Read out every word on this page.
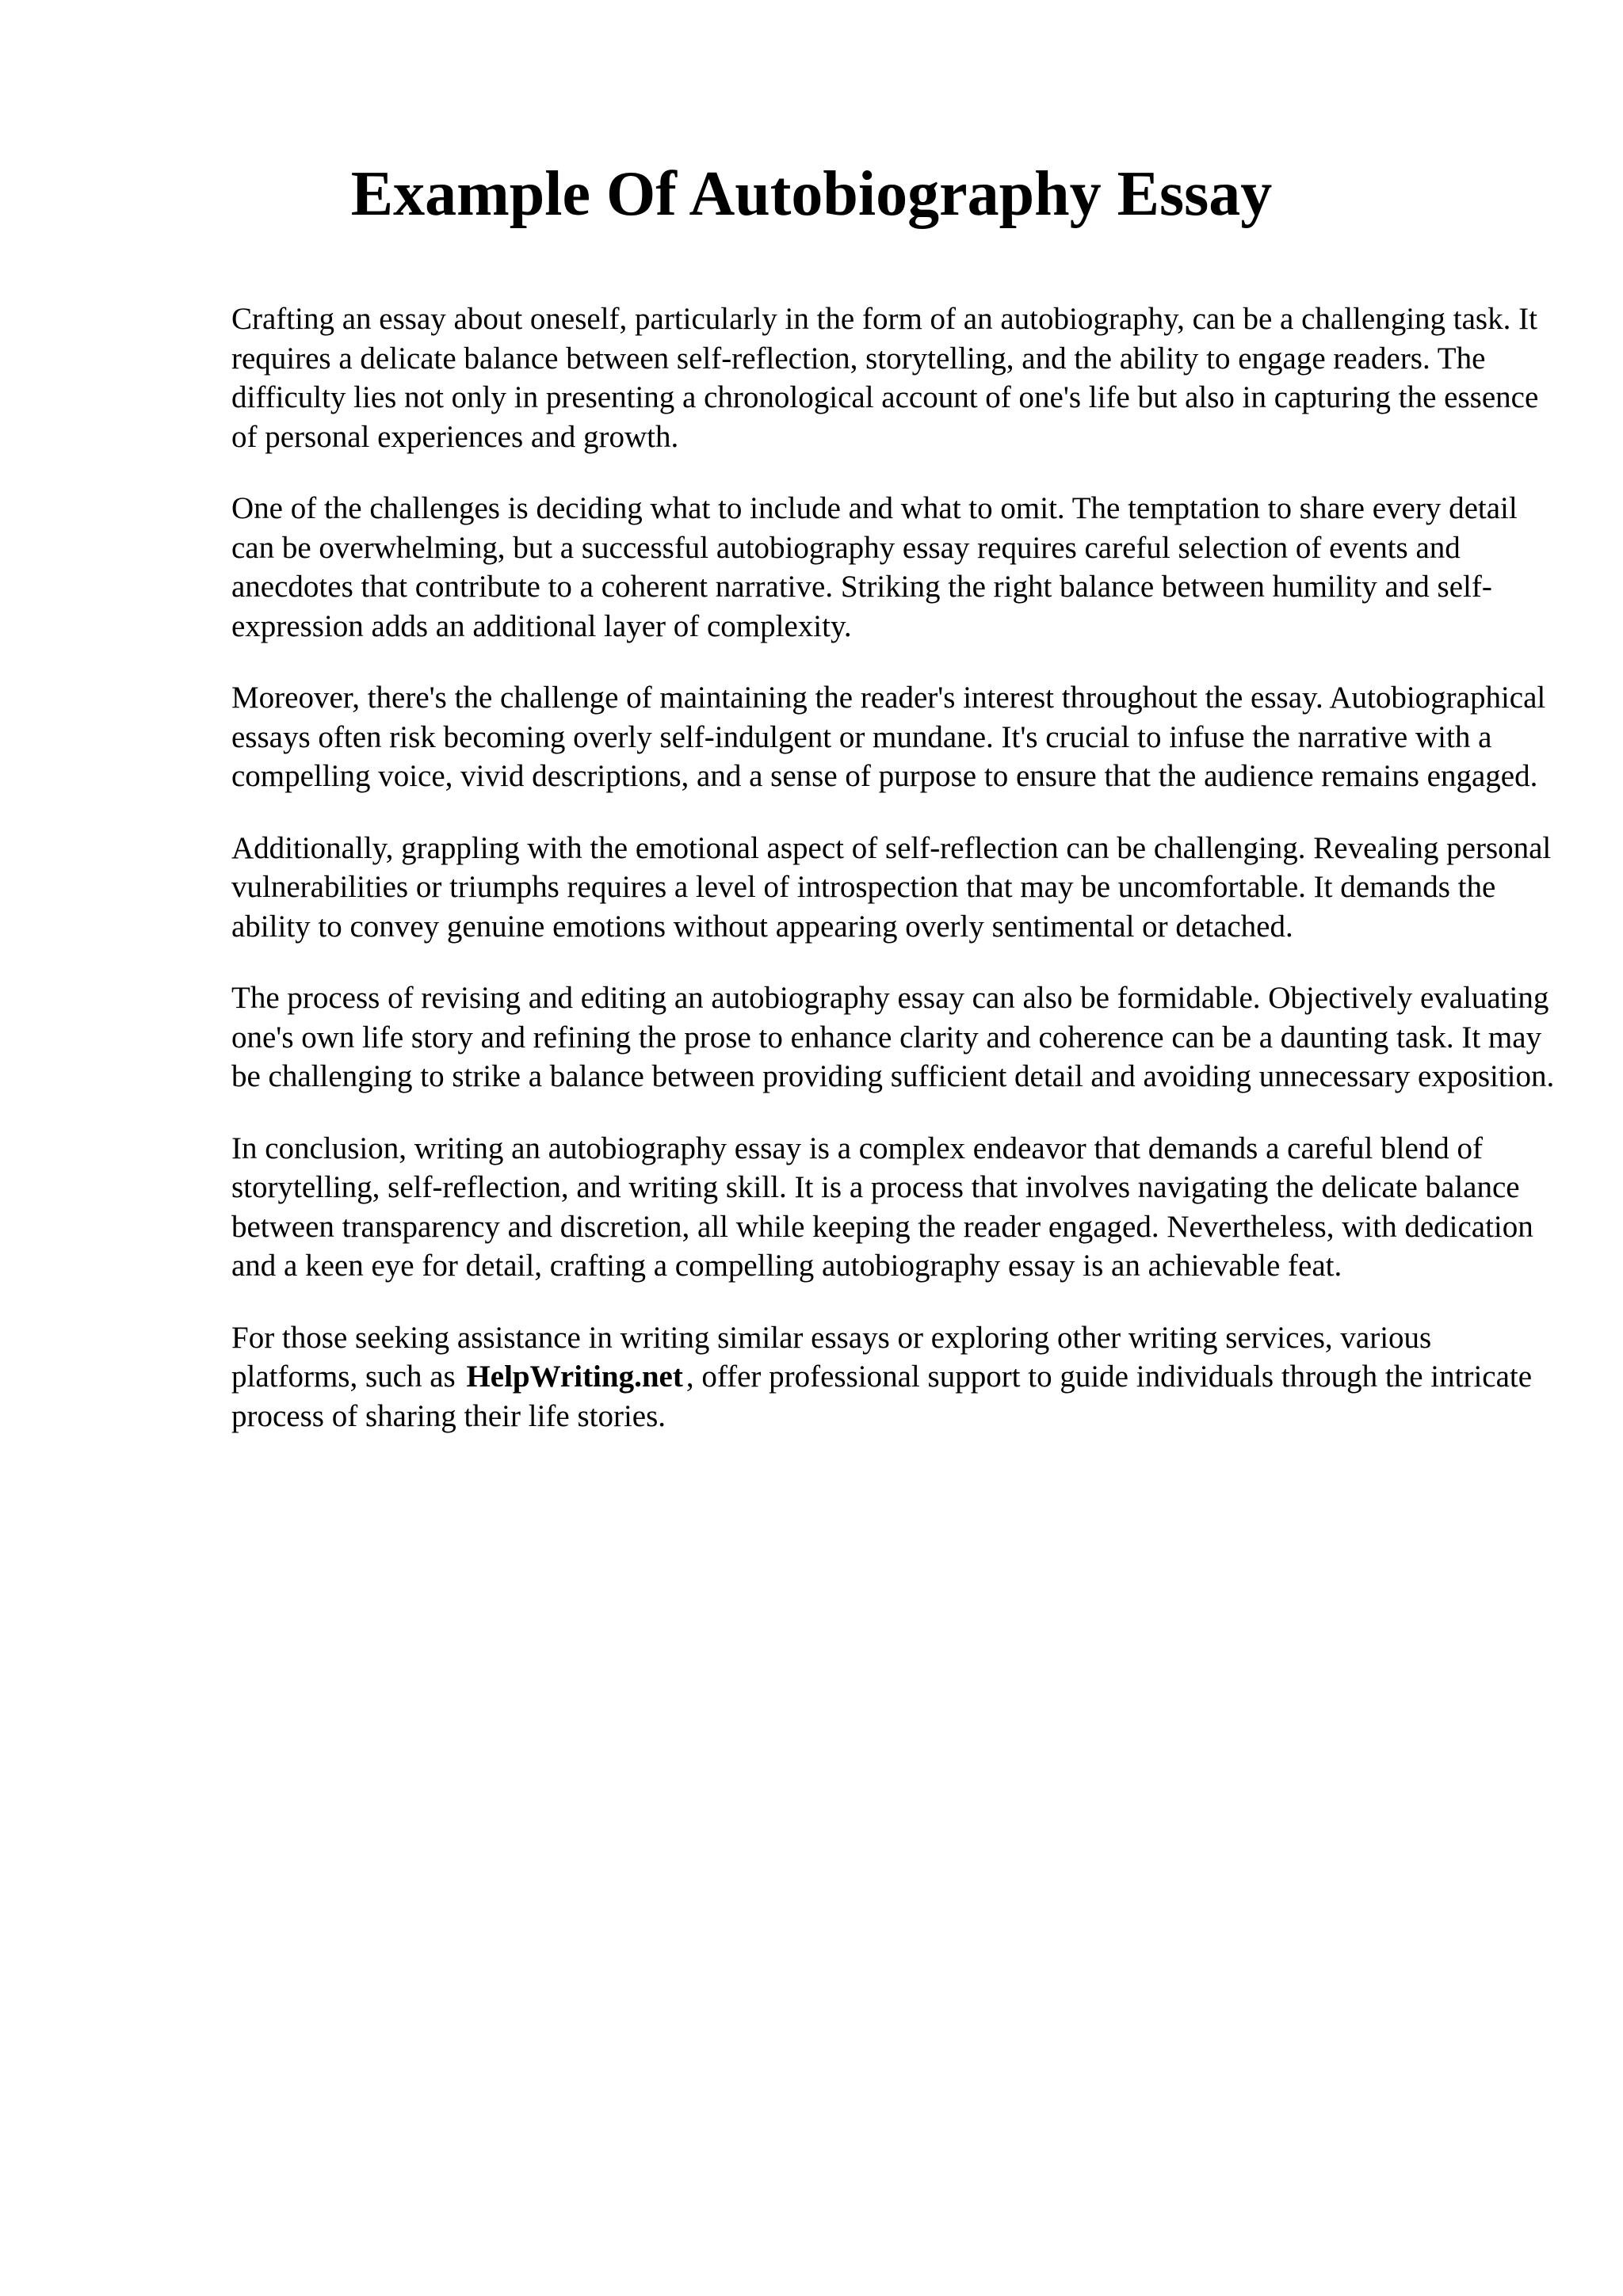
Example Of Autobiography Essay

Crafting an essay about oneself, particularly in the form of an autobiography, can be a challenging task. It requires a delicate balance between self-reflection, storytelling, and the ability to engage readers. The difficulty lies not only in presenting a chronological account of one's life but also in capturing the essence of personal experiences and growth.

One of the challenges is deciding what to include and what to omit. The temptation to share every detail can be overwhelming, but a successful autobiography essay requires careful selection of events and anecdotes that contribute to a coherent narrative. Striking the right balance between humility and self-expression adds an additional layer of complexity.

Moreover, there's the challenge of maintaining the reader's interest throughout the essay. Autobiographical essays often risk becoming overly self-indulgent or mundane. It's crucial to infuse the narrative with a compelling voice, vivid descriptions, and a sense of purpose to ensure that the audience remains engaged.

Additionally, grappling with the emotional aspect of self-reflection can be challenging. Revealing personal vulnerabilities or triumphs requires a level of introspection that may be uncomfortable. It demands the ability to convey genuine emotions without appearing overly sentimental or detached.

The process of revising and editing an autobiography essay can also be formidable. Objectively evaluating one's own life story and refining the prose to enhance clarity and coherence can be a daunting task. It may be challenging to strike a balance between providing sufficient detail and avoiding unnecessary exposition.

In conclusion, writing an autobiography essay is a complex endeavor that demands a careful blend of storytelling, self-reflection, and writing skill. It is a process that involves navigating the delicate balance between transparency and discretion, all while keeping the reader engaged. Nevertheless, with dedication and a keen eye for detail, crafting a compelling autobiography essay is an achievable feat.

For those seeking assistance in writing similar essays or exploring other writing services, various platforms, such as HelpWriting.net , offer professional support to guide individuals through the intricate process of sharing their life stories.
